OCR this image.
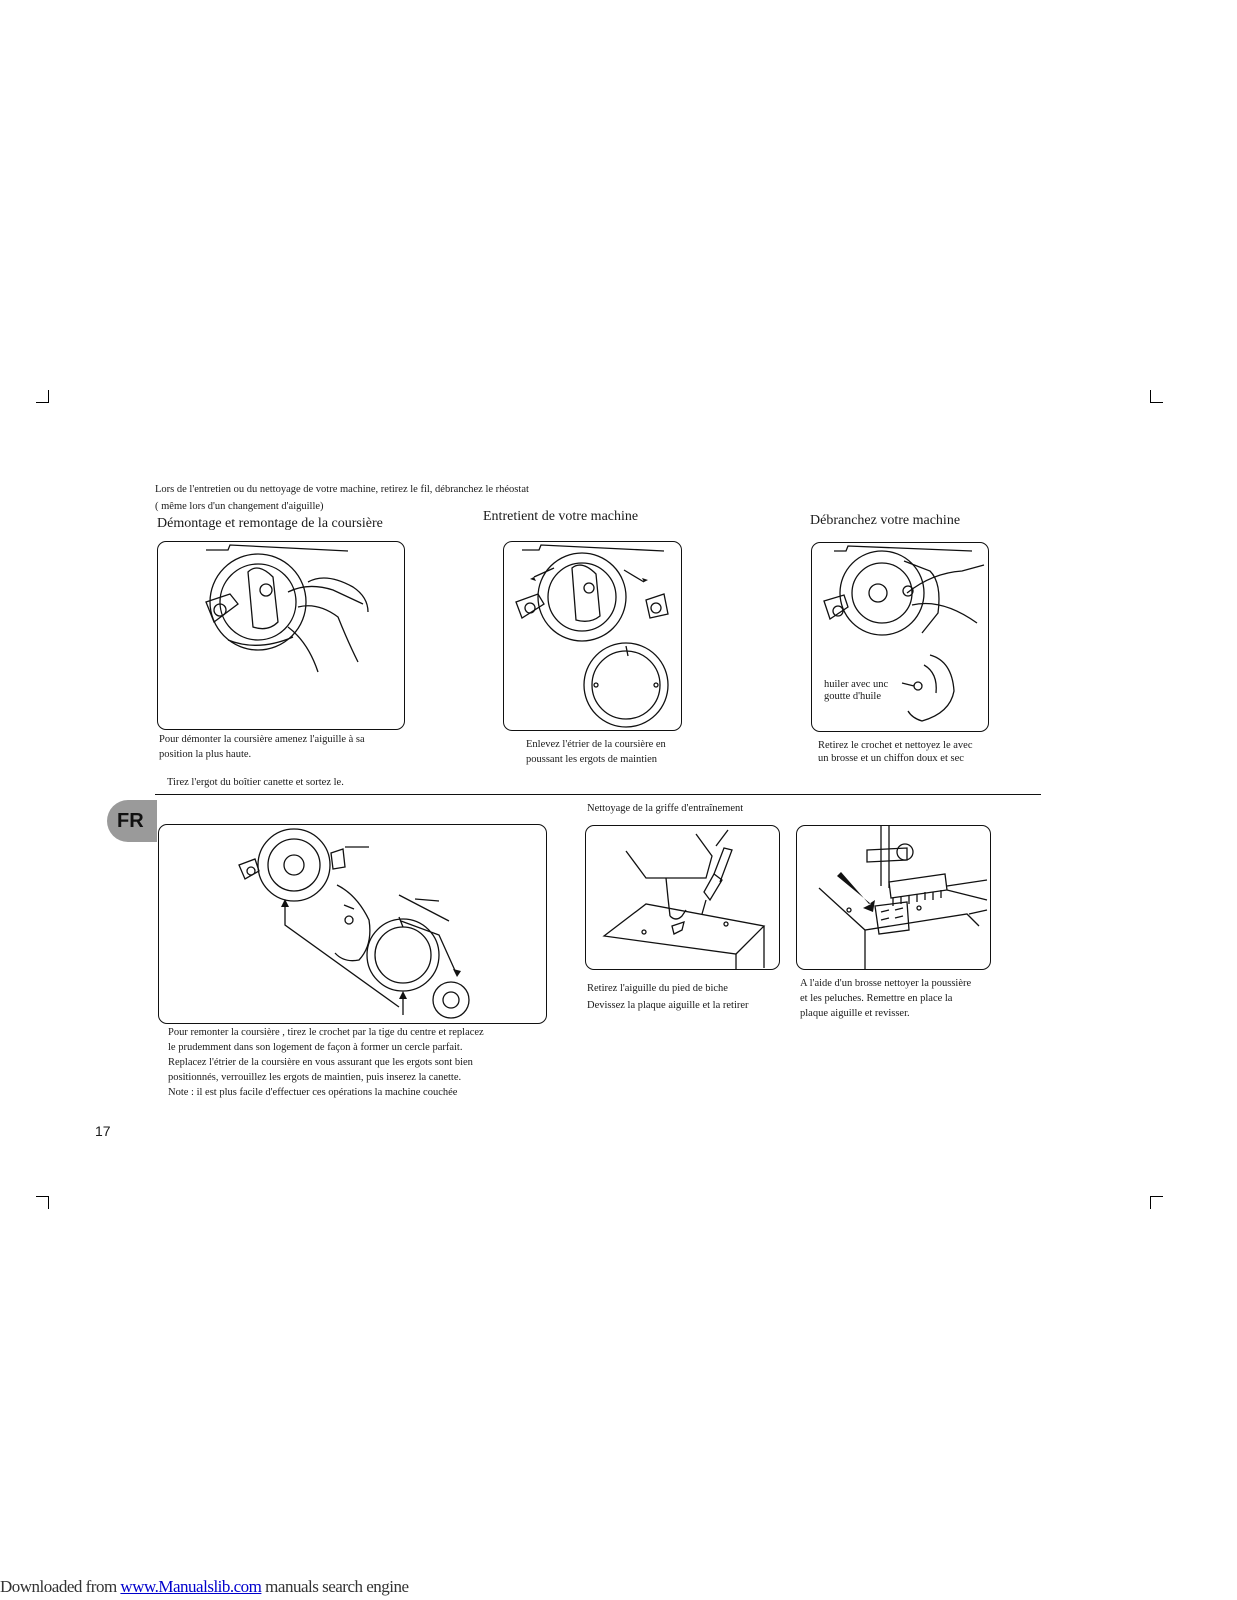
Lors de l'entretien ou du nettoyage de votre machine, retirez le fil, débranchez le rhéostat
( même lors d'un changement d'aiguille)
Démontage et remontage de la coursière	Entretient de votre machine	Débranchez votre machine
Pour démonter la coursière amenez l'aiguille à sa
position la plus haute.
Enlevez l'étrier de la coursière en
poussant les ergots de maintien
huiler avec unc
goutte d'huile
Retirez le crochet et nettoyez le avec
un brosse et un chiffon doux et sec
Tirez l'ergot du boîtier canette et sortez le.
FR
Nettoyage de la griffe d'entraînement
Pour remonter la coursière , tirez le crochet par la tige du centre et replacez
le prudemment dans son logement de façon à former un cercle parfait.
Replacez l'étrier de la coursière en vous assurant que les ergots sont bien
positionnés, verrouillez les ergots de maintien, puis inserez la canette.
Note : il est plus facile d'effectuer ces opérations la machine couchée
Retirez l'aiguille du pied de biche
Devissez la plaque aiguille et la retirer
A l'aide d'un brosse nettoyer la poussière
et les peluches. Remettre en place la
plaque aiguille et revisser.
17
Downloaded from www.Manualslib.com manuals search engine
